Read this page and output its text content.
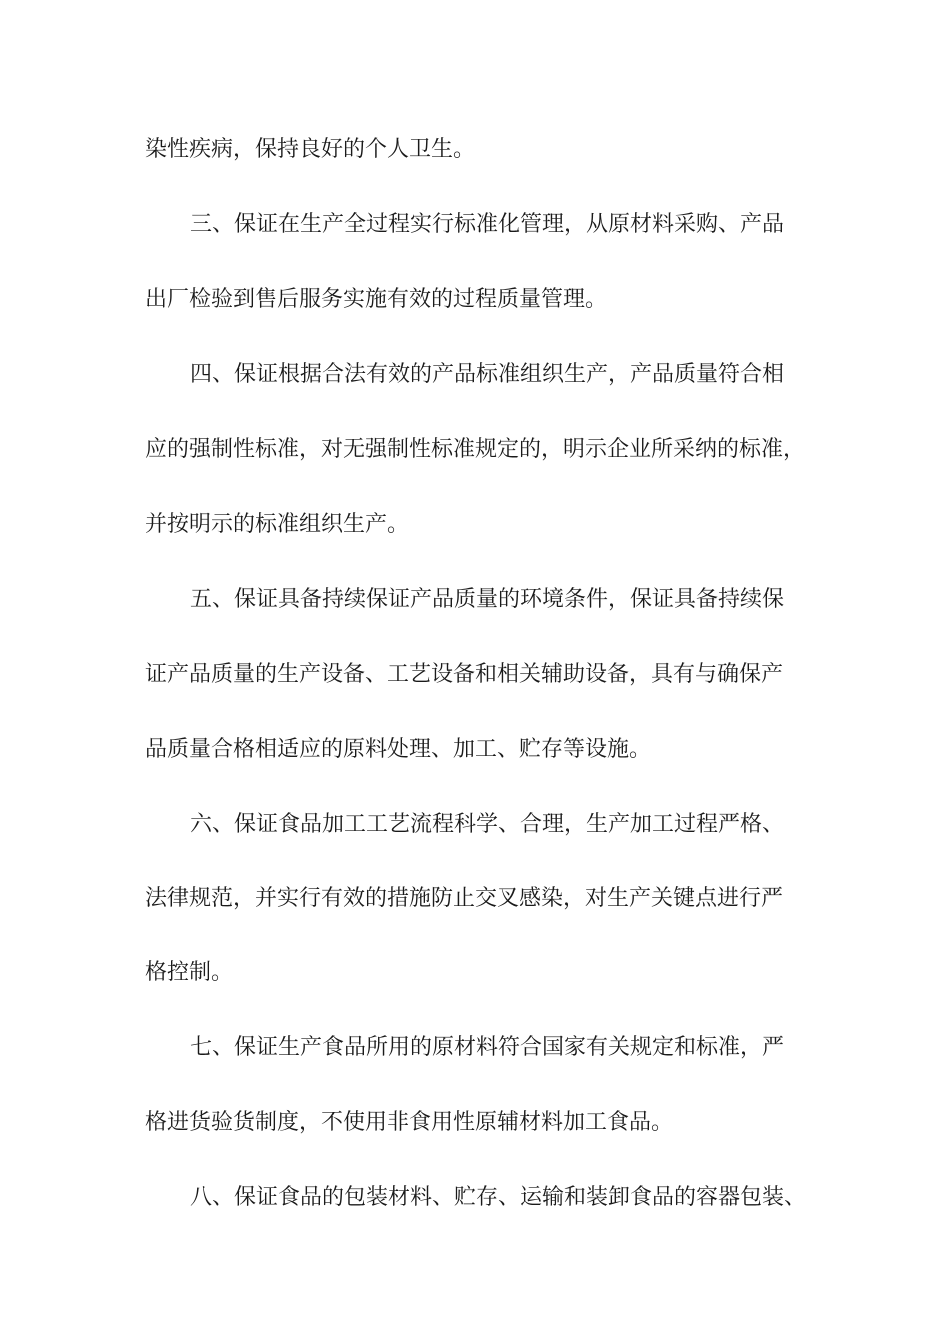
染性疾病，保持良好的个人卫生。
三、保证在生产全过程实行标准化管理，从原材料采购、产品
出厂检验到售后服务实施有效的过程质量管理。
四、保证根据合法有效的产品标准组织生产，产品质量符合相
应的强制性标准，对无强制性标准规定的，明示企业所采纳的标准，
并按明示的标准组织生产。
五、保证具备持续保证产品质量的环境条件，保证具备持续保
证产品质量的生产设备、工艺设备和相关辅助设备，具有与确保产
品质量合格相适应的原料处理、加工、贮存等设施。
六、保证食品加工工艺流程科学、合理，生产加工过程严格、
法律规范，并实行有效的措施防止交叉感染，对生产关键点进行严
格控制。
七、保证生产食品所用的原材料符合国家有关规定和标准，严
格进货验货制度，不使用非食用性原辅材料加工食品。
八、保证食品的包装材料、贮存、运输和装卸食品的容器包装、
